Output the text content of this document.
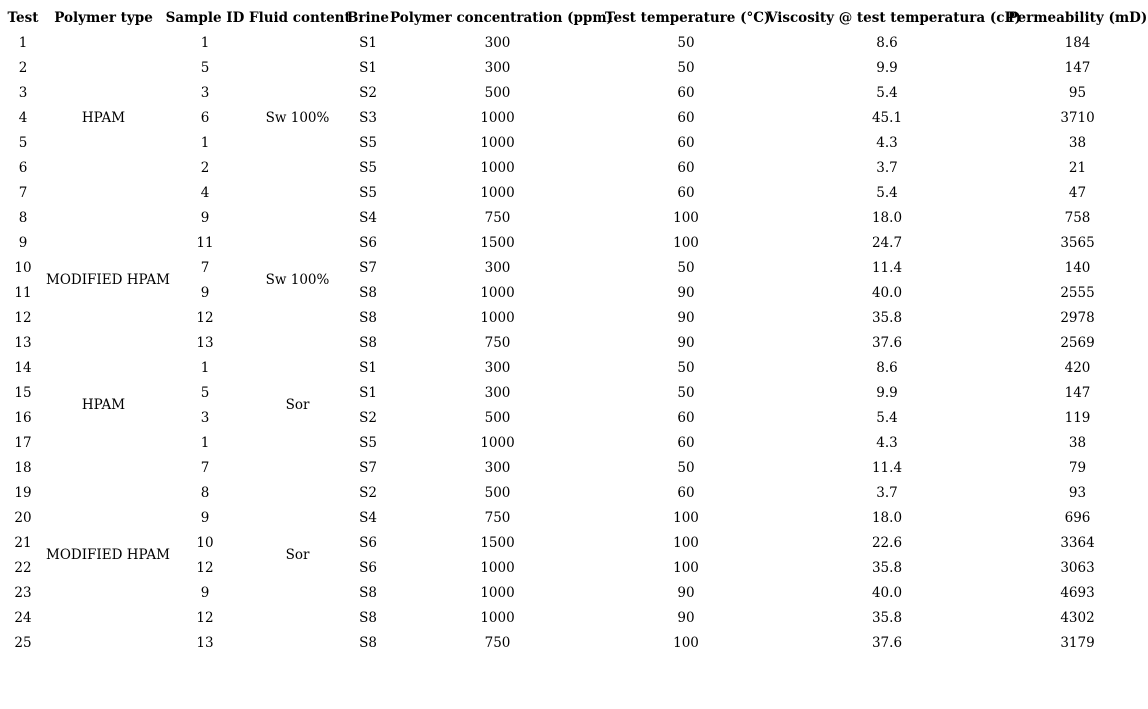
Test	Polymer type	Sample ID	Fluid content	Brine	Polymer concentration (ppm)	Test temperature (°C)	Viscosity @ test temperatura (cP)	Permeability (mD)
1	HPAM	1	Sw 100%	S1	300	50	8.6	184
2		5		S1	300	50	9.9	147
3		3		S2	500	60	5.4	95
4		6		S3	1000	60	45.1	3710
5		1		S5	1000	60	4.3	38
6		2		S5	1000	60	3.7	21
7		4		S5	1000	60	5.4	47
8	MODIFIED HPAM	9	Sw 100%	S4	750	100	18.0	758
9		11		S6	1500	100	24.7	3565
10		7		S7	300	50	11.4	140
11		9		S8	1000	90	40.0	2555
12		12		S8	1000	90	35.8	2978
13		13		S8	750	90	37.6	2569
14	HPAM	1	Sor	S1	300	50	8.6	420
15		5		S1	300	50	9.9	147
16		3		S2	500	60	5.4	119
17		1		S5	1000	60	4.3	38
18	MODIFIED HPAM	7	Sor	S7	300	50	11.4	79
19		8		S2	500	60	3.7	93
20		9		S4	750	100	18.0	696
21		10		S6	1500	100	22.6	3364
22		12		S6	1000	100	35.8	3063
23		9		S8	1000	90	40.0	4693
24		12		S8	1000	90	35.8	4302
25		13		S8	750	100	37.6	3179
